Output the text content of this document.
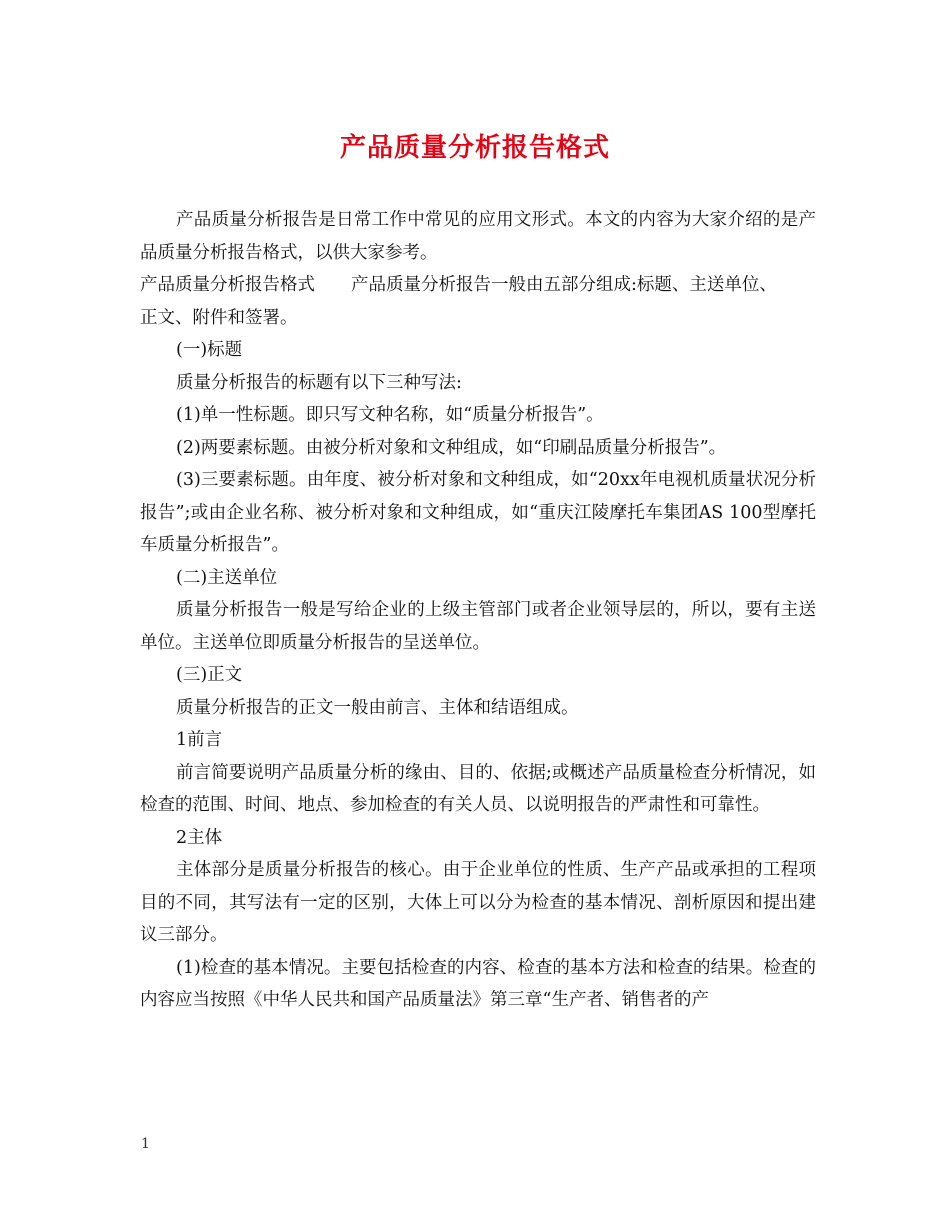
产品质量分析报告格式

产品质量分析报告是日常工作中常见的应用文形式。本文的内容为大家介绍的是产品质量分析报告格式，以供大家参考。

产品质量分析报告格式 产品质量分析报告一般由五部分组成:标题、主送单位、

正文、附件和签署。

(一)标题

质量分析报告的标题有以下三种写法:

(1)单一性标题。即只写文种名称，如“质量分析报告”。

(2)两要素标题。由被分析对象和文种组成，如“印刷品质量分析报告”。

(3)三要素标题。由年度、被分析对象和文种组成，如“20xx年电视机质量状况分析报告”;或由企业名称、被分析对象和文种组成，如“重庆江陵摩托车集团AS 100型摩托车质量分析报告”。

(二)主送单位

质量分析报告一般是写给企业的上级主管部门或者企业领导层的，所以，要有主送单位。主送单位即质量分析报告的呈送单位。

(三)正文

质量分析报告的正文一般由前言、主体和结语组成。

1前言

前言简要说明产品质量分析的缘由、目的、依据;或概述产品质量检查分析情况，如检查的范围、时间、地点、参加检查的有关人员、以说明报告的严肃性和可靠性。

2主体

主体部分是质量分析报告的核心。由于企业单位的性质、生产产品或承担的工程项目的不同，其写法有一定的区别，大体上可以分为检查的基本情况、剖析原因和提出建议三部分。

(1)检查的基本情况。主要包括检查的内容、检查的基本方法和检查的结果。检查的内容应当按照《中华人民共和国产品质量法》第三章“生产者、销售者的产

1
